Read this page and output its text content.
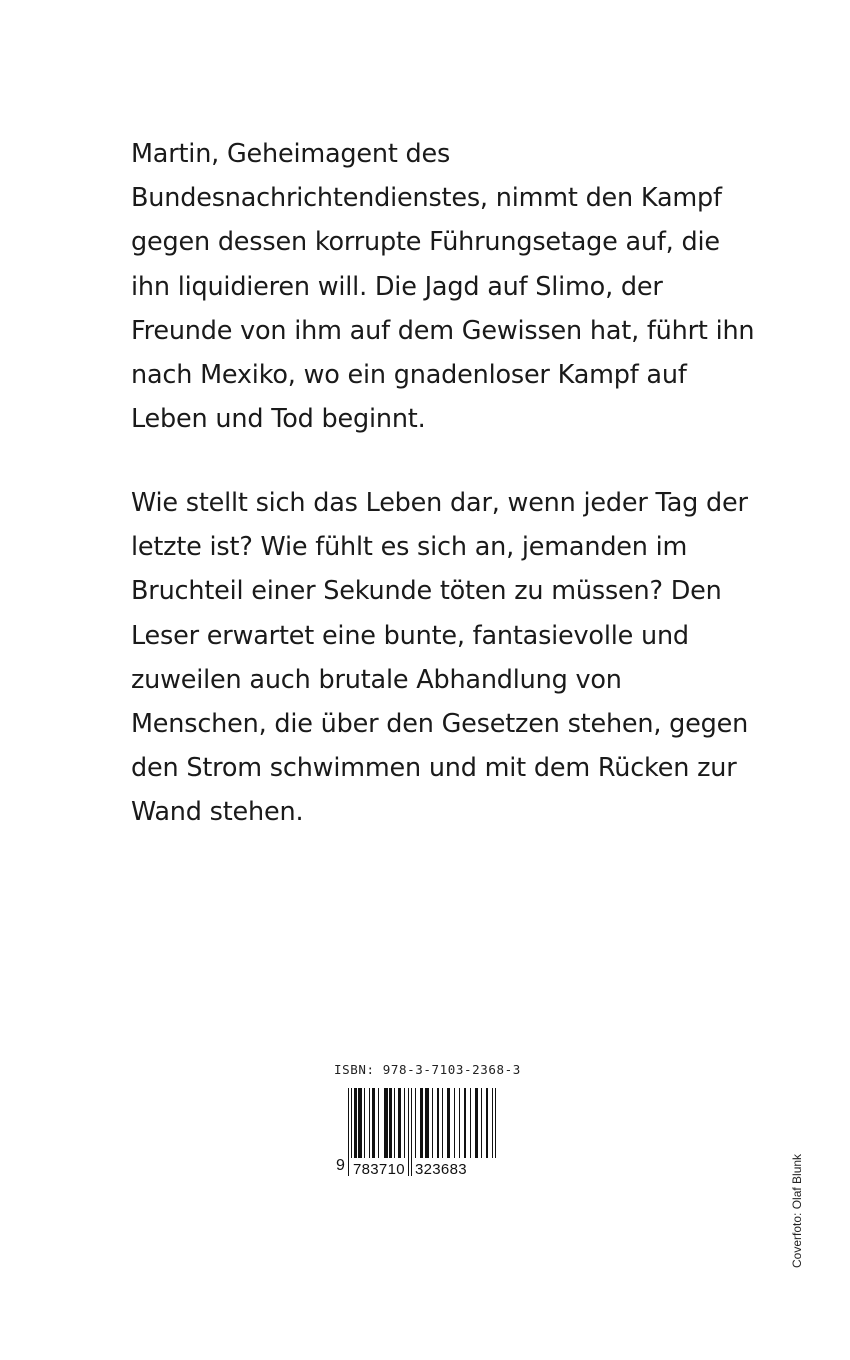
Martin, Geheimagent des
Bundesnachrichtendienstes, nimmt den Kampf
gegen dessen korrupte Führungsetage auf, die
ihn liquidieren will. Die Jagd auf Slimo, der
Freunde von ihm auf dem Gewissen hat, führt ihn
nach Mexiko, wo ein gnadenloser Kampf auf
Leben und Tod beginnt.
Wie stellt sich das Leben dar, wenn jeder Tag der
letzte ist? Wie fühlt es sich an, jemanden im
Bruchteil einer Sekunde töten zu müssen? Den
Leser erwartet eine bunte, fantasievolle und
zuweilen auch brutale Abhandlung von
Menschen, die über den Gesetzen stehen, gegen
den Strom schwimmen und mit dem Rücken zur
Wand stehen.
ISBN: 978-3-7103-2368-3
9 783710 323683	Coverfoto: Olaf Blunk
